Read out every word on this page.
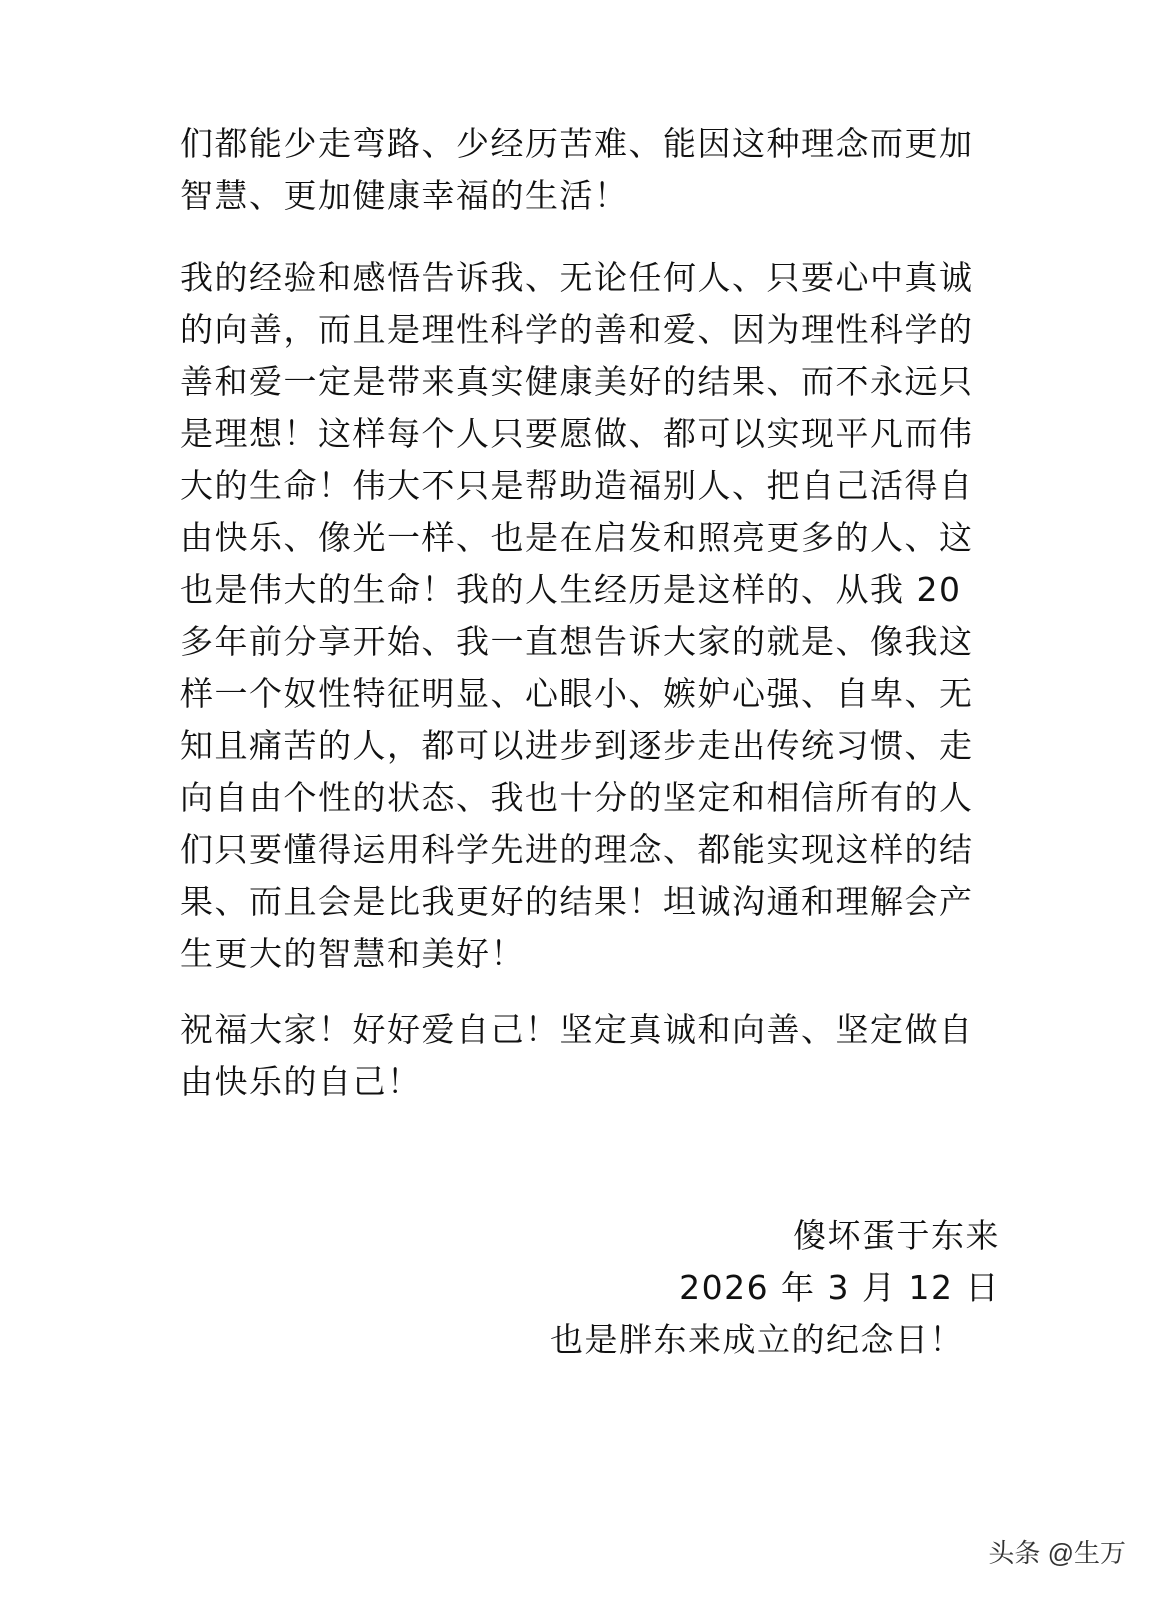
们都能少走弯路、少经历苦难、能因这种理念而更加
智慧、更加健康幸福的生活！
我的经验和感悟告诉我、无论任何人、只要心中真诚
的向善，而且是理性科学的善和爱、因为理性科学的
善和爱一定是带来真实健康美好的结果、而不永远只
是理想！这样每个人只要愿做、都可以实现平凡而伟
大的生命！伟大不只是帮助造福别人、把自己活得自
由快乐、像光一样、也是在启发和照亮更多的人、这
也是伟大的生命！我的人生经历是这样的、从我 20
多年前分享开始、我一直想告诉大家的就是、像我这
样一个奴性特征明显、心眼小、嫉妒心强、自卑、无
知且痛苦的人，都可以进步到逐步走出传统习惯、走
向自由个性的状态、我也十分的坚定和相信所有的人
们只要懂得运用科学先进的理念、都能实现这样的结
果、而且会是比我更好的结果！坦诚沟通和理解会产
生更大的智慧和美好！
祝福大家！好好爱自己！坚定真诚和向善、坚定做自
由快乐的自己！
傻坏蛋于东来
2026 年 3 月 12 日
也是胖东来成立的纪念日！
头条 @生万
